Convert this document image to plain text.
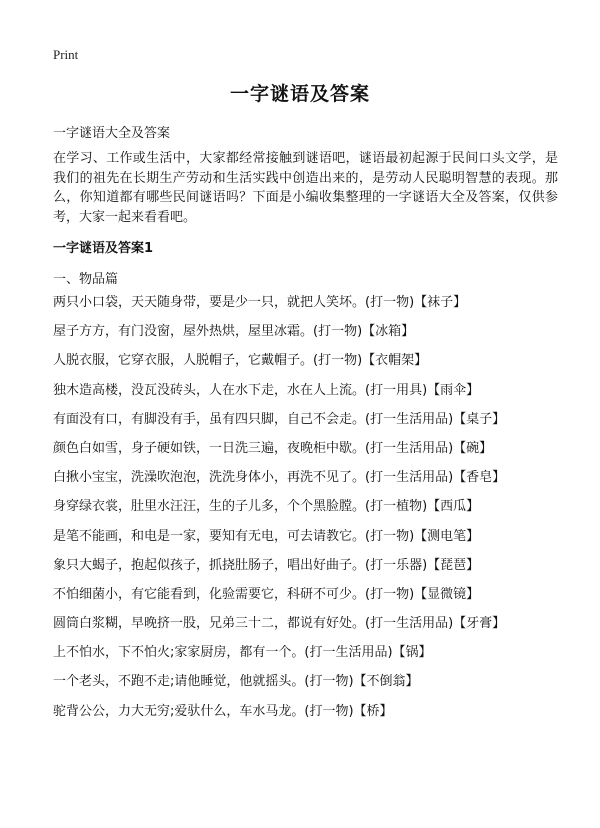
Print
一字谜语及答案
一字谜语大全及答案

在学习、工作或生活中，大家都经常接触到谜语吧，谜语最初起源于民间口头文学，是我们的祖先在长期生产劳动和生活实践中创造出来的，是劳动人民聪明智慧的表现。那么，你知道都有哪些民间谜语吗？下面是小编收集整理的一字谜语大全及答案，仅供参考，大家一起来看看吧。

一字谜语及答案1
一、物品篇
两只小口袋，天天随身带，要是少一只，就把人笑坏。(打一物)【袜子】
屋子方方，有门没窗，屋外热烘，屋里冰霜。(打一物)【冰箱】
人脱衣服，它穿衣服，人脱帽子，它戴帽子。(打一物)【衣帽架】
独木造高楼，没瓦没砖头，人在水下走，水在人上流。(打一用具)【雨伞】
有面没有口，有脚没有手，虽有四只脚，自己不会走。(打一生活用品)【桌子】
颜色白如雪，身子硬如铁，一日洗三遍，夜晚柜中歇。(打一生活用品)【碗】
白揪小宝宝，洗澡吹泡泡，洗洗身体小，再洗不见了。(打一生活用品)【香皂】
身穿绿衣裳，肚里水汪汪，生的子儿多，个个黑脸膛。(打一植物)【西瓜】
是笔不能画，和电是一家，要知有无电，可去请教它。(打一物)【测电笔】
象只大蝎子，抱起似孩子，抓挠肚肠子，唱出好曲子。(打一乐器)【琵琶】
不怕细菌小，有它能看到，化验需要它，科研不可少。(打一物)【显微镜】
圆筒白浆糊，早晚挤一股，兄弟三十二，都说有好处。(打一生活用品)【牙膏】
上不怕水，下不怕火;家家厨房，都有一个。(打一生活用品)【锅】
一个老头，不跑不走;请他睡觉，他就摇头。(打一物)【不倒翁】
驼背公公，力大无穷;爱驮什么，车水马龙。(打一物)【桥】
